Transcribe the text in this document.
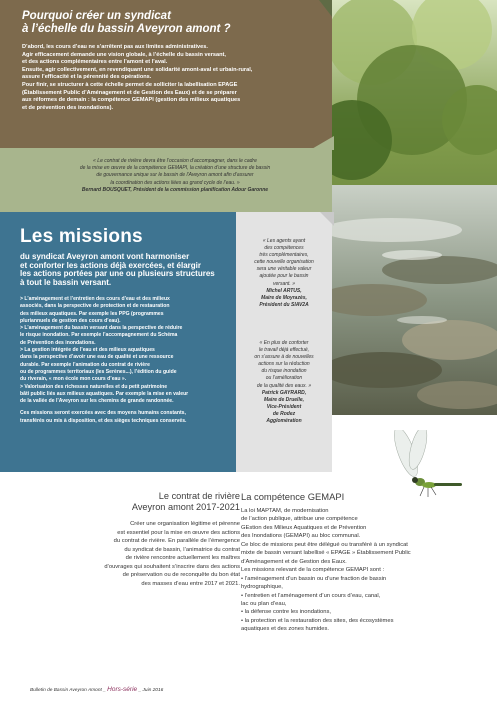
Pourquoi créer un syndicat
à l’échelle du bassin Aveyron amont ?
D’abord, les cours d’eau ne s’arrêtent pas aux limites administratives.
Agir efficacement demande une vision globale, à l’échelle du bassin versant,
et des actions complémentaires entre l’amont et l’aval.
Ensuite, agir collectivement, en revendiquant une solidarité amont-aval et urbain-rural,
assure l’efficacité et la pérennité des opérations.
Pour finir, se structurer à cette échelle permet de solliciter la labellisation EPAGE
(Établissement Public d’Aménagement et de Gestion des Eaux) et de se préparer
aux réformes de demain : la compétence GEMAPI (gestion des milieux aquatiques
et de prévention des inondations).
« Le contrat de rivière devra être l’occasion d’accompagner, dans le cadre
de la mise en œuvre de la compétence GEMAPI, la création d’une structure de bassin
de gouvernance unique sur le bassin de l’Aveyron amont afin d’assurer
la coordination des actions liées au grand cycle de l’eau. »
Bernard BOUSQUET, Président de la commission planification Adour Garonne
Les missions
du syndicat Aveyron amont vont harmoniser
et conforter les actions déjà exercées, et élargir
les actions portées par une ou plusieurs structures
à tout le bassin versant.
> L’aménagement et l’entretien des cours d’eau et des milieux
associés, dans la perspective de protection et de restauration
des milieux aquatiques. Par exemple les PPG (programmes
pluriannuels de gestion des cours d’eau).
> L’aménagement du bassin versant dans la perspective de réduire
le risque inondation. Par exemple l’accompagnement du Schéma
de Prévention des inondations.
> La gestion intégrée de l’eau et des milieux aquatiques
dans la perspective d’avoir une eau de qualité et une ressource
durable. Par exemple l’animation du contrat de rivière
ou de programmes territoriaux (les Serènes...), l’édition du guide
du riverain, « mon école mon cours d’eau ».
> Valorisation des richesses naturelles et du petit patrimoine
bâti public liés aux milieux aquatiques. Par exemple la mise en valeur
de la vallée de l’Aveyron sur les chemins de grande randonnée.
Ces missions seront exercées avec des moyens humains constants,
transférés ou mis à disposition, et des sièges techniques conservés.
« Les agents ayant
des compétences
très complémentaires,
cette nouvelle organisation
sera une véritable valeur
ajoutée pour le bassin
versant. »
Michel ARTUS,
Maire de Moyrazès,
Président du SIAV2A
« En plus de conforter
le travail déjà effectué,
on s’assure à de nouvelles
actions sur la réduction
du risque inondation
ou l’amélioration
de la qualité des eaux. »
Patrick GAYRARD,
Maire de Druelle,
Vice-Président
de Rodez
Agglomération
Le contrat de rivière
Aveyron amont 2017-2021
Créer une organisation légitime et pérenne
est essentiel pour la mise en œuvre des actions
du contrat de rivière. En parallèle de l’émergence
du syndicat de bassin, l’animatrice du contrat
de rivière rencontre actuellement les maîtres
d’ouvrages qui souhaitent s’inscrire dans des actions
de préservation ou de reconquête du bon état
des masses d’eau entre 2017 et 2021.
La compétence GEMAPI
La loi MAPTAM, de modernisation
de l’action publique, attribue une compétence
GEstion des Milieux Aquatiques et de Prévention
des Inondations (GEMAPI) au bloc communal.
Ce bloc de missions peut être délégué ou transféré à un syndicat
mixte de bassin versant labellisé « EPAGE » Établissement Public
d’Aménagement et de Gestion des Eaux.
Les missions relevant de la compétence GEMAPI sont :
• l’aménagement d’un bassin ou d’une fraction de bassin
hydrographique,
• l’entretien et l’aménagement d’un cours d’eau, canal,
lac ou plan d’eau,
• la défense contre les inondations,
• la protection et la restauration des sites, des écosystèmes
aquatiques et des zones humides.
Bulletin de Bassin Aveyron Amont _ Hors-série _ Juin 2016
